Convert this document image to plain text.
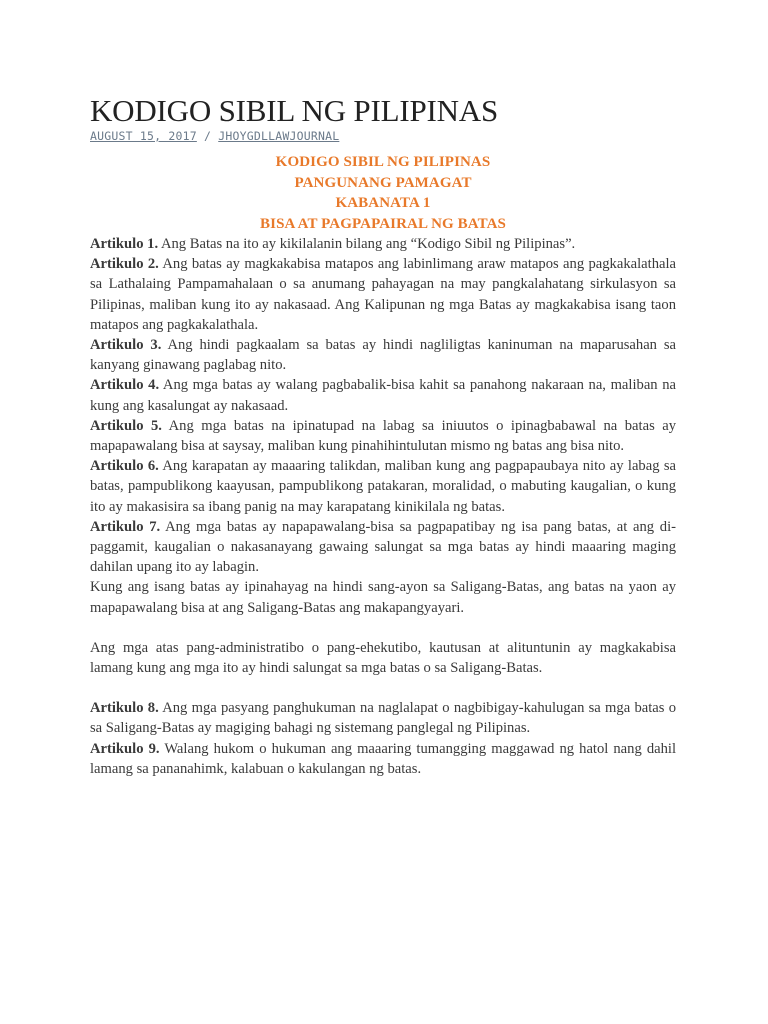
KODIGO SIBIL NG PILIPINAS
AUGUST 15, 2017 / JHOYGDLLAWJOURNAL
KODIGO SIBIL NG PILIPINAS
PANGUNANG PAMAGAT
KABANATA 1
BISA AT PAGPAPAIRAL NG BATAS

Artikulo 1. Ang Batas na ito ay kikilalanin bilang ang “Kodigo Sibil ng Pilipinas”.

Artikulo 2. Ang batas ay magkakabisa matapos ang labinlimang araw matapos ang pagkakalathala sa Lathalaing Pampamahalaan o sa anumang pahayagan na may pangkalahatang sirkulasyon sa Pilipinas, maliban kung ito ay nakasaad. Ang Kalipunan ng mga Batas ay magkakabisa isang taon matapos ang pagkakalathala.

Artikulo 3. Ang hindi pagkaalam sa batas ay hindi nagliligtas kaninuman na maparusahan sa kanyang ginawang paglabag nito.

Artikulo 4. Ang mga batas ay walang pagbabalik-bisa kahit sa panahong nakaraan na, maliban na kung ang kasalungat ay nakasaad.

Artikulo 5. Ang mga batas na ipinatupad na labag sa iniuutos o ipinagbabawal na batas ay mapapawalang bisa at saysay, maliban kung pinahihintulutan mismo ng batas ang bisa nito.

Artikulo 6. Ang karapatan ay maaaring talikdan, maliban kung ang pagpapaubaya nito ay labag sa batas, pampublikong kaayusan, pampublikong patakaran, moralidad, o mabuting kaugalian, o kung ito ay makasisira sa ibang panig na may karapatang kinikilala ng batas.

Artikulo 7. Ang mga batas ay napapawalang-bisa sa pagpapatibay ng isa pang batas, at ang di-paggamit, kaugalian o nakasanayang gawaing salungat sa mga batas ay hindi maaaring maging dahilan upang ito ay labagin.

Kung ang isang batas ay ipinahayag na hindi sang-ayon sa Saligang-Batas, ang batas na yaon ay mapapawalang bisa at ang Saligang-Batas ang makapangyayari.

Ang mga atas pang-administratibo o pang-ehekutibo, kautusan at alituntunin ay magkakabisa lamang kung ang mga ito ay hindi salungat sa mga batas o sa Saligang-Batas.

Artikulo 8. Ang mga pasyang panghukuman na naglalapat o nagbibigay-kahulugan sa mga batas o sa Saligang-Batas ay magiging bahagi ng sistemang panglegal ng Pilipinas.

Artikulo 9. Walang hukom o hukuman ang maaaring tumangging maggawad ng hatol nang dahil lamang sa pananahimk, kalabuan o kakulangan ng batas.
